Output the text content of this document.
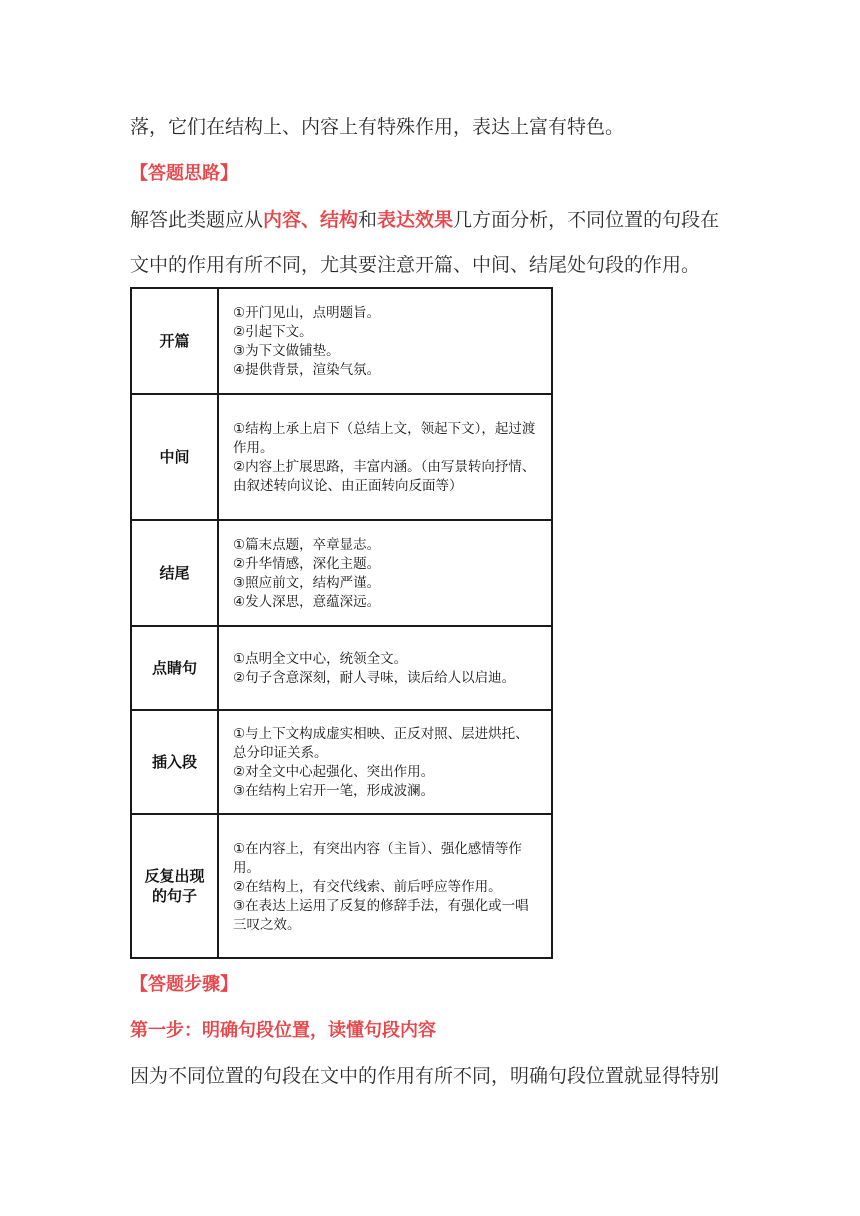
落，它们在结构上、内容上有特殊作用，表达上富有特色。
【答题思路】
解答此类题应从内容、结构和表达效果几方面分析，不同位置的句段在
文中的作用有所不同，尤其要注意开篇、中间、结尾处句段的作用。
开篇	①开门见山，点明题旨。
②引起下文。
③为下文做铺垫。
④提供背景，渲染气氛。

中间	①结构上承上启下（总结上文，领起下文），起过渡作用。
②内容上扩展思路，丰富内涵。（由写景转向抒情、由叙述转向议论、由正面转向反面等）

结尾	①篇末点题，卒章显志。
②升华情感，深化主题。
③照应前文，结构严谨。
④发人深思，意蕴深远。

点睛句	①点明全文中心，统领全文。
②句子含意深刻，耐人寻味，读后给人以启迪。

插入段	①与上下文构成虚实相映、正反对照、层进烘托、总分印证关系。
②对全文中心起强化、突出作用。
③在结构上宕开一笔，形成波澜。

反复出现
的句子	①在内容上，有突出内容（主旨）、强化感情等作用。
②在结构上，有交代线索、前后呼应等作用。
③在表达上运用了反复的修辞手法，有强化或一唱三叹之效。
【答题步骤】
第一步：明确句段位置，读懂句段内容
因为不同位置的句段在文中的作用有所不同，明确句段位置就显得特别
